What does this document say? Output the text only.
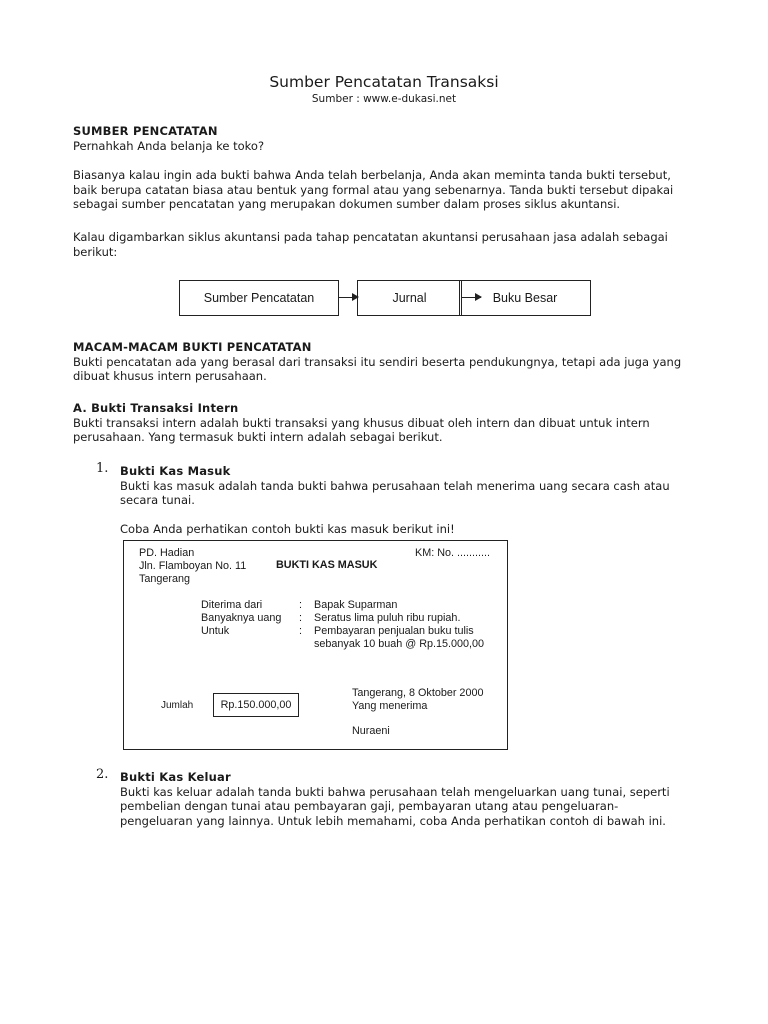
Sumber Pencatatan Transaksi
Sumber : www.e-dukasi.net

SUMBER PENCATATAN

Pernahkah Anda belanja ke toko?

Biasanya kalau ingin ada bukti bahwa Anda telah berbelanja, Anda akan meminta tanda bukti tersebut,

baik berupa catatan biasa atau bentuk yang formal atau yang sebenarnya. Tanda bukti tersebut dipakai

sebagai sumber pencatatan yang merupakan dokumen sumber dalam proses siklus akuntansi.

Kalau digambarkan siklus akuntansi pada tahap pencatatan akuntansi perusahaan jasa adalah sebagai

berikut:

Sumber Pencatatan	Jurnal	Buku Besar

MACAM-MACAM BUKTI PENCATATAN

Bukti pencatatan ada yang berasal dari transaksi itu sendiri beserta pendukungnya, tetapi ada juga yang

dibuat khusus intern perusahaan.

A. Bukti Transaksi Intern

Bukti transaksi intern adalah bukti transaksi yang khusus dibuat oleh intern dan dibuat untuk intern

perusahaan. Yang termasuk bukti intern adalah sebagai berikut.

1. Bukti Kas Masuk

Bukti kas masuk adalah tanda bukti bahwa perusahaan telah menerima uang secara cash atau

secara tunai.

Coba Anda perhatikan contoh bukti kas masuk berikut ini!

PD. Hadian
Jln. Flamboyan No. 11
Tangerang
BUKTI KAS MASUK
KM: No. ...........
Diterima dari	: Bapak Suparman
Banyaknya uang : Seratus lima puluh ribu rupiah.
Untuk	: Pembayaran penjualan buku tulis
sebanyak 10 buah @ Rp.15.000,00
Jumlah	Rp.150.000,00
Tangerang, 8 Oktober 2000
Yang menerima
Nuraeni
2. Bukti Kas Keluar

Bukti kas keluar adalah tanda bukti bahwa perusahaan telah mengeluarkan uang tunai, seperti

pembelian dengan tunai atau pembayaran gaji, pembayaran utang atau pengeluaran-

pengeluaran yang lainnya. Untuk lebih memahami, coba Anda perhatikan contoh di bawah ini.
